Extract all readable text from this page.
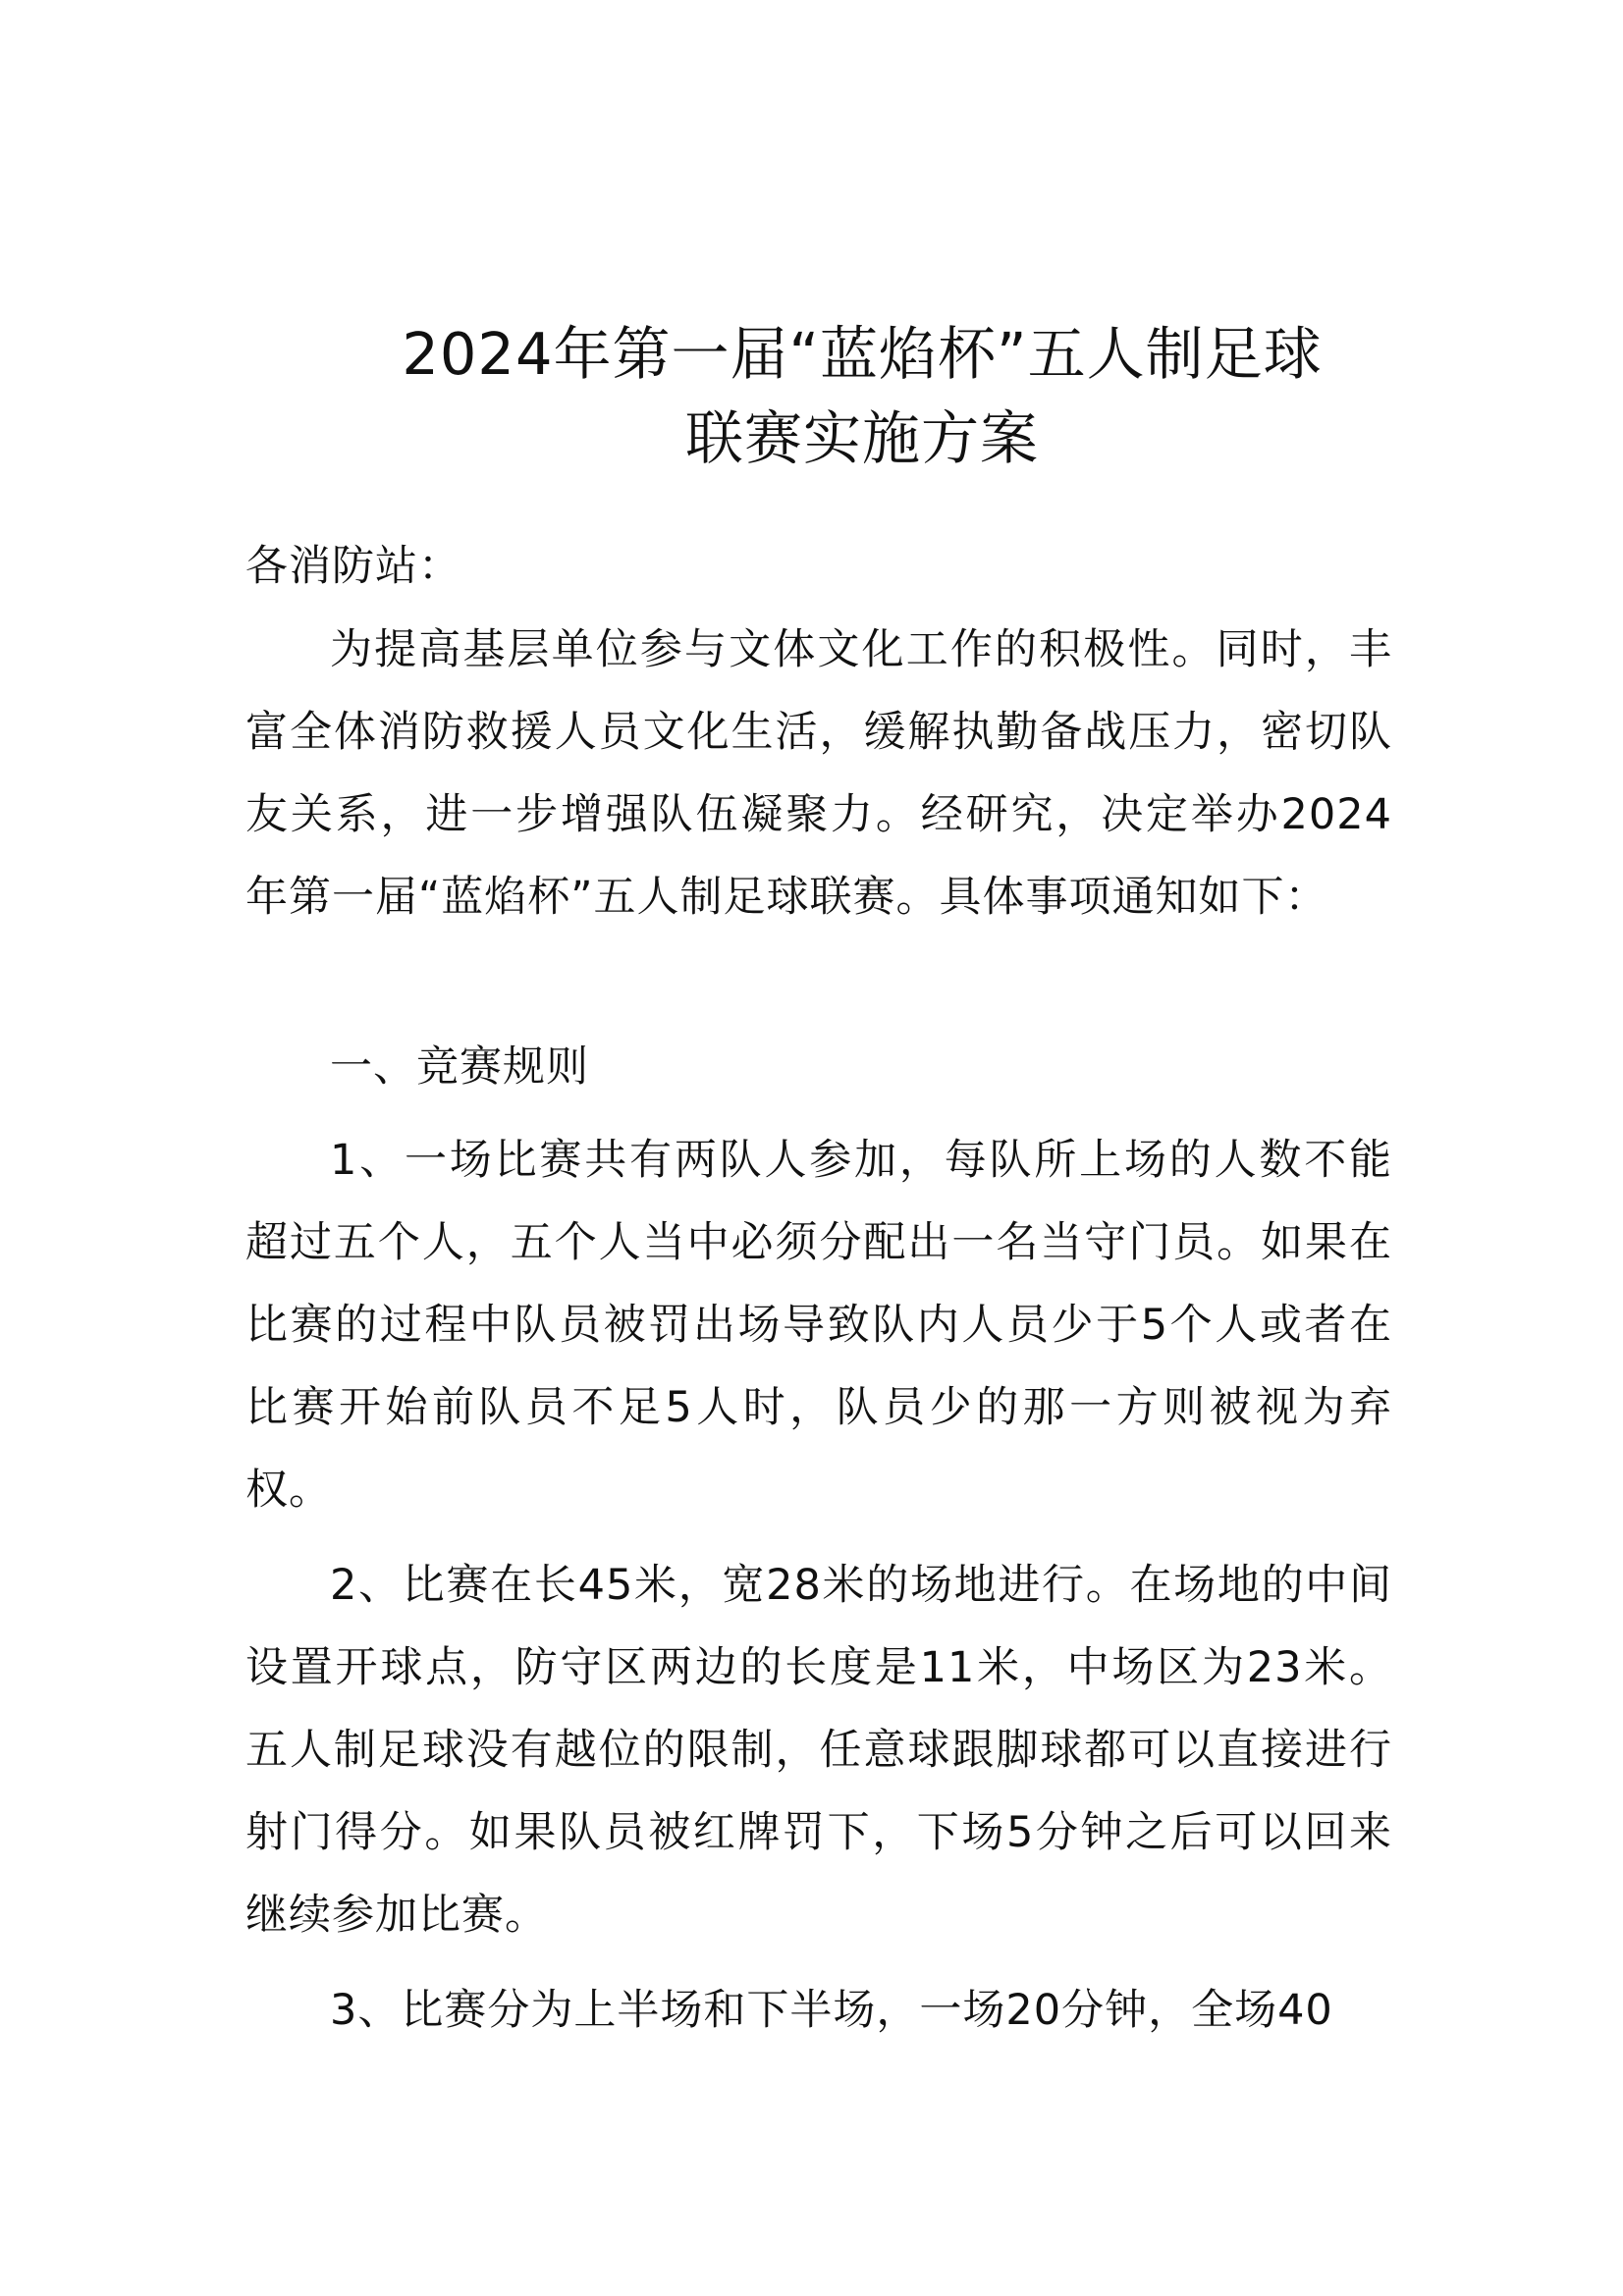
2024年第一届“蓝焰杯”五人制足球
联赛实施方案
各消防站：
为提高基层单位参与文体文化工作的积极性。同时，丰富全体消防救援人员文化生活，缓解执勤备战压力，密切队友关系，进一步增强队伍凝聚力。经研究，决定举办2024年第一届“蓝焰杯”五人制足球联赛。具体事项通知如下：
一、竞赛规则
1、一场比赛共有两队人参加，每队所上场的人数不能超过五个人，五个人当中必须分配出一名当守门员。如果在比赛的过程中队员被罚出场导致队内人员少于5个人或者在比赛开始前队员不足5人时，队员少的那一方则被视为弃权。
2、比赛在长45米，宽28米的场地进行。在场地的中间设置开球点，防守区两边的长度是11米，中场区为23米。五人制足球没有越位的限制，任意球跟脚球都可以直接进行射门得分。如果队员被红牌罚下，下场5分钟之后可以回来继续参加比赛。
3、比赛分为上半场和下半场，一场20分钟，全场40
